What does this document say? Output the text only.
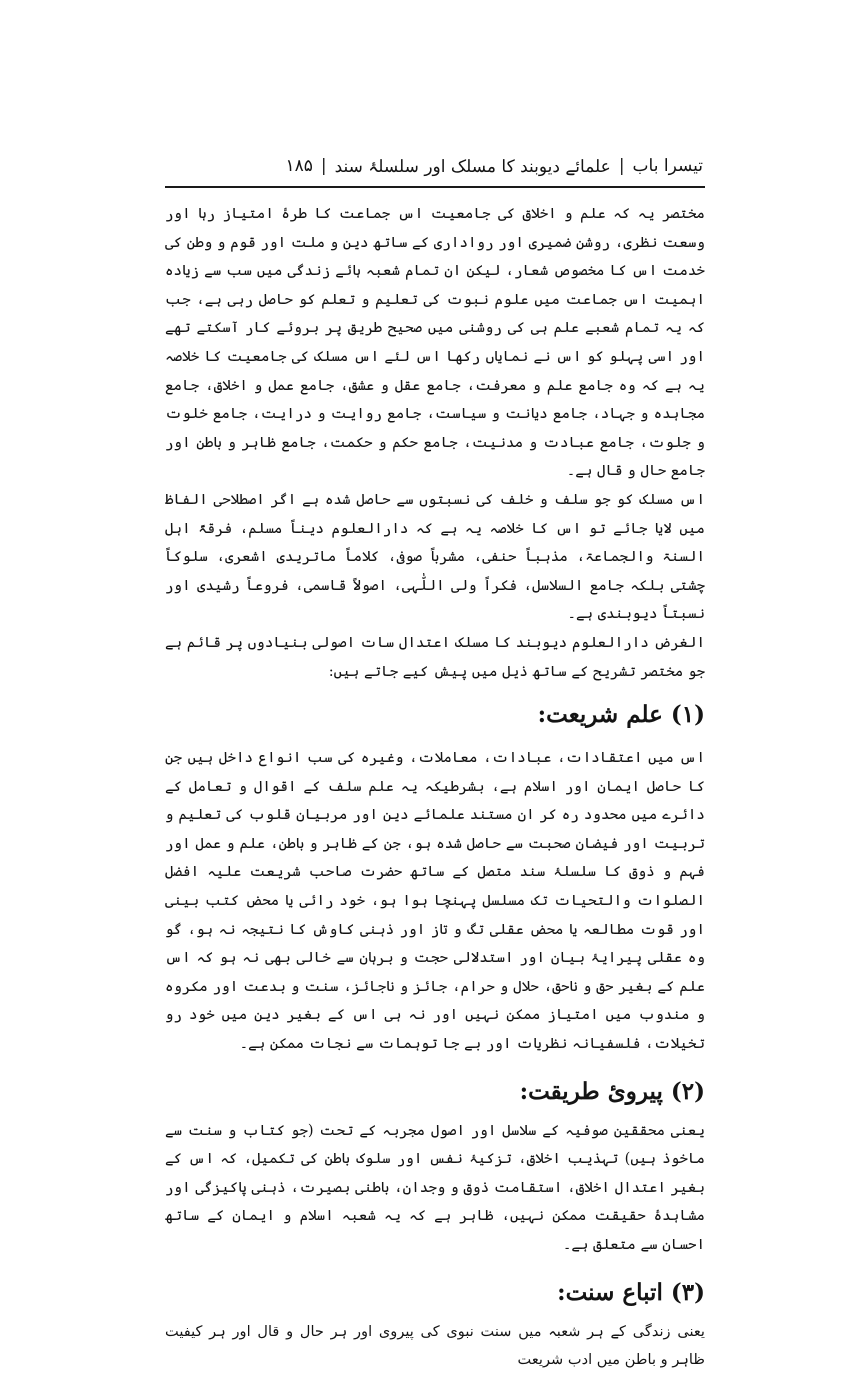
تیسرا باب
|
علمائے دیوبند کا مسلک اور سلسلۂ سند
|
۱۸۵

مختصر یہ کہ علم و اخلاق کی جامعیت اس جماعت کا طرۂ امتیاز رہا اور وسعت نظری، روشن ضمیری اور رواداری کے ساتھ دین و ملت اور قوم و وطن کی خدمت اس کا مخصوص شعار، لیکن ان تمام شعبہ ہائے زندگی میں سب سے زیادہ اہمیت اس جماعت میں علوم نبوت کی تعلیم و تعلم کو حاصل رہی ہے، جب کہ یہ تمام شعبے علم ہی کی روشنی میں صحیح طریق پر بروئے کار آسکتے تھے اور اسی پہلو کو اس نے نمایاں رکھا اس لئے اس مسلک کی جامعیت کا خلاصہ یہ ہے کہ وہ جامع علم و معرفت، جامع عقل و عشق، جامع عمل و اخلاق، جامع مجاہدہ و جہاد، جامع دیانت و سیاست، جامع روایت و درایت، جامع خلوت و جلوت، جامع عبادت و مدنیت، جامع حکم و حکمت، جامع ظاہر و باطن اور جامع حال و قال ہے۔

اس مسلک کو جو سلف و خلف کی نسبتوں سے حاصل شدہ ہے اگر اصطلاحی الفاظ میں لایا جائے تو اس کا خلاصہ یہ ہے کہ دارالعلوم دیناً مسلم، فرقۃً اہل السنۃ والجماعۃ، مذہباً حنفی، مشرباً صوفی، کلاماً ماتریدی اشعری، سلوکاً چشتی بلکہ جامع السلاسل، فکراً ولی اللّٰہی، اصولاً قاسمی، فروعاً رشیدی اور نسبتاً دیوبندی ہے۔

الغرض دارالعلوم دیوبند کا مسلک اعتدال سات اصولی بنیادوں پر قائم ہے جو مختصر تشریح کے ساتھ ذیل میں پیش کیے جاتے ہیں:

(۱) علم شریعت:

اس میں اعتقادات، عبادات، معاملات، وغیرہ کی سب انواع داخل ہیں جن کا حاصل ایمان اور اسلام ہے، بشرطیکہ یہ علم سلف کے اقوال و تعامل کے دائرے میں محدود رہ کر ان مستند علمائے دین اور مربیان قلوب کی تعلیم و تربیت اور فیضان صحبت سے حاصل شدہ ہو، جن کے ظاہر و باطن، علم و عمل اور فہم و ذوق کا سلسلۂ سند متصل کے ساتھ حضرت صاحب شریعت علیہ افضل الصلوات والتحیات تک مسلسل پہنچا ہوا ہو، خود رائی یا محض کتب بینی اور قوت مطالعہ یا محض عقلی تگ و تاز اور ذہنی کاوش کا نتیجہ نہ ہو، گو وہ عقلی پیرایۂ بیان اور استدلالی حجت و برہان سے خالی بھی نہ ہو کہ اس علم کے بغیر حق و ناحق، حلال و حرام، جائز و ناجائز، سنت و بدعت اور مکروہ و مندوب میں امتیاز ممکن نہیں اور نہ ہی اس کے بغیر دین میں خود رو تخیلات، فلسفیانہ نظریات اور بے جا توہمات سے نجات ممکن ہے۔

(۲) پیروئ طریقت:

یعنی محققین صوفیہ کے سلاسل اور اصول مجربہ کے تحت (جو کتاب و سنت سے ماخوذ ہیں) تہذیب اخلاق، تزکیۂ نفس اور سلوک باطن کی تکمیل، کہ اس کے بغیر اعتدال اخلاق، استقامت ذوق و وجدان، باطنی بصیرت، ذہنی پاکیزگی اور مشاہدۂ حقیقت ممکن نہیں، ظاہر ہے کہ یہ شعبہ اسلام و ایمان کے ساتھ احسان سے متعلق ہے۔

(۳) اتباع سنت:

یعنی زندگی کے ہر شعبہ میں سنت نبوی کی پیروی اور ہر حال و قال اور ہر کیفیت ظاہر و باطن میں ادب شریعت
